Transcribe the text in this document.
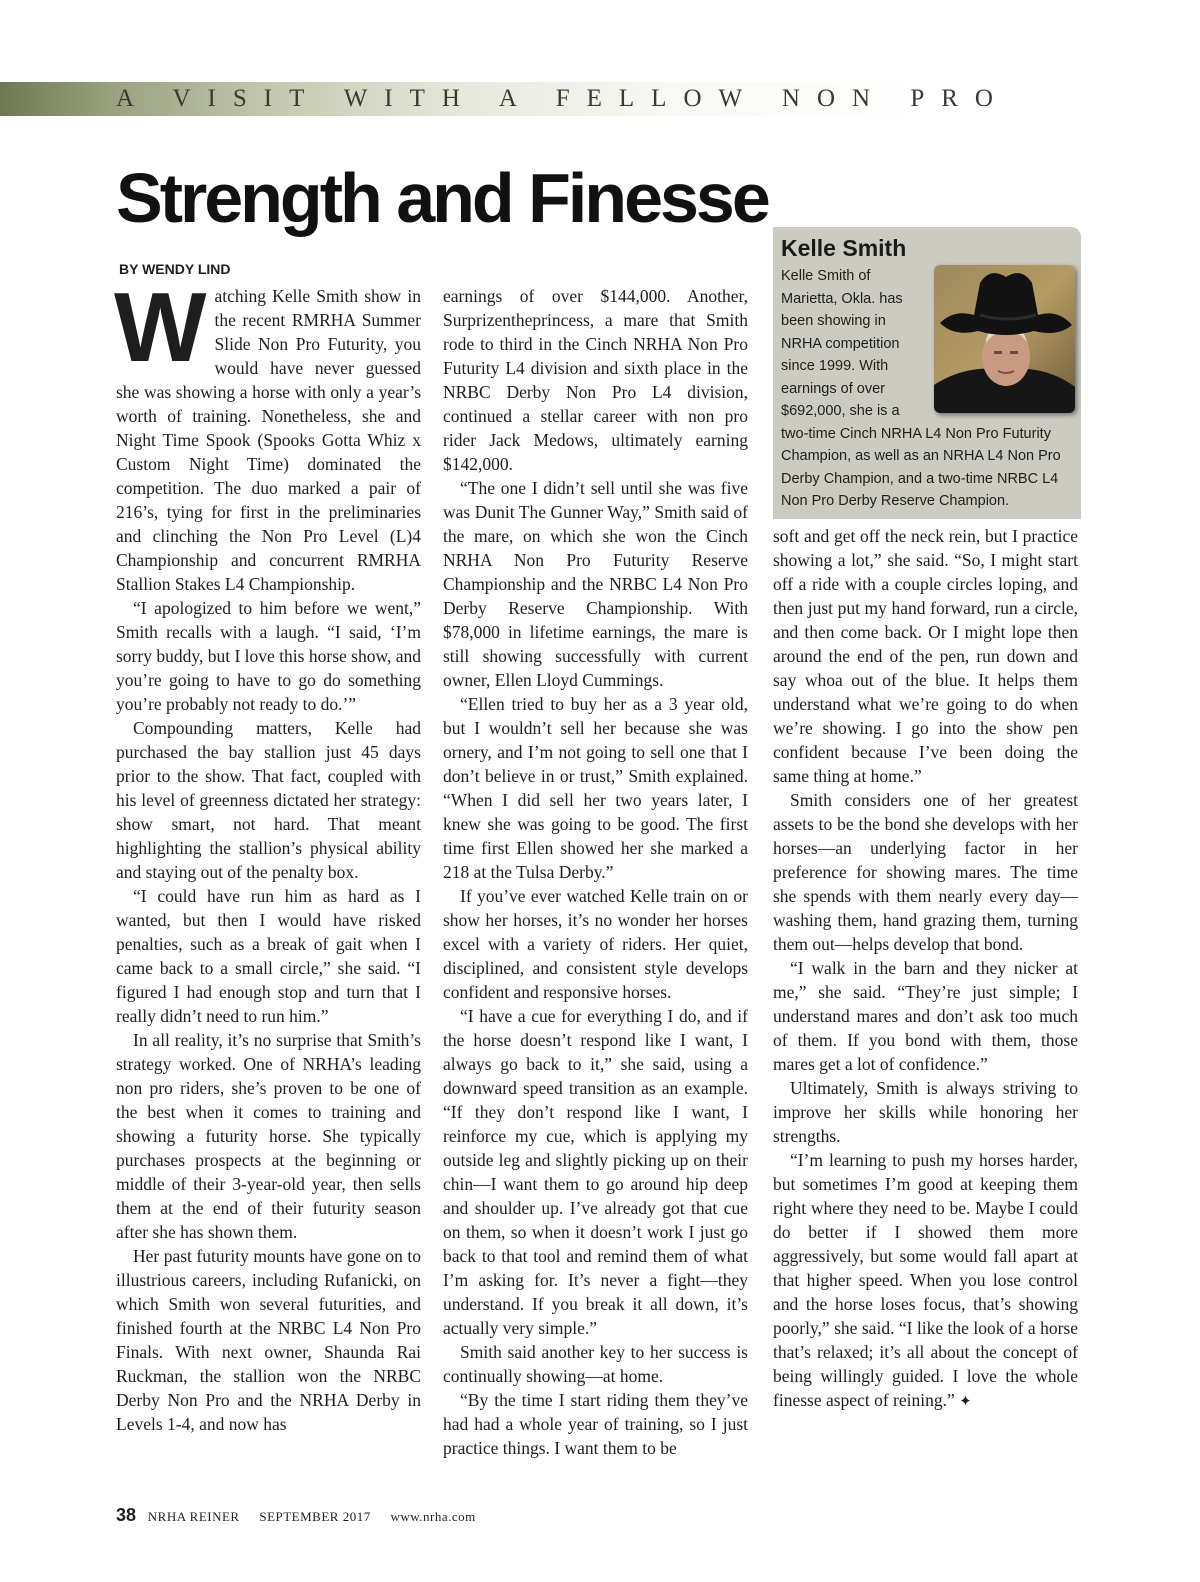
A VISIT WITH A FELLOW NON PRO
Strength and Finesse
BY WENDY LIND

Watching Kelle Smith show in the recent RMRHA Summer Slide Non Pro Futurity, you would have never guessed she was showing a horse with only a year’s worth of training. Nonetheless, she and Night Time Spook (Spooks Gotta Whiz x Custom Night Time) dominated the competition. The duo marked a pair of 216’s, tying for first in the preliminaries and clinching the Non Pro Level (L)4 Championship and concurrent RMRHA Stallion Stakes L4 Championship.

“I apologized to him before we went,” Smith recalls with a laugh. “I said, ‘I’m sorry buddy, but I love this horse show, and you’re going to have to go do something you’re probably not ready to do.’”

Compounding matters, Kelle had purchased the bay stallion just 45 days prior to the show. That fact, coupled with his level of greenness dictated her strategy: show smart, not hard. That meant highlighting the stallion’s physical ability and staying out of the penalty box.

“I could have run him as hard as I wanted, but then I would have risked penalties, such as a break of gait when I came back to a small circle,” she said. “I figured I had enough stop and turn that I really didn’t need to run him.”

In all reality, it’s no surprise that Smith’s strategy worked. One of NRHA’s leading non pro riders, she’s proven to be one of the best when it comes to training and showing a futurity horse. She typically purchases prospects at the beginning or middle of their 3-year-old year, then sells them at the end of their futurity season after she has shown them.

Her past futurity mounts have gone on to illustrious careers, including Rufanicki, on which Smith won several futurities, and finished fourth at the NRBC L4 Non Pro Finals. With next owner, Shaunda Rai Ruckman, the stallion won the NRBC Derby Non Pro and the NRHA Derby in Levels 1-4, and now has

earnings of over $144,000. Another, Surprizentheprincess, a mare that Smith rode to third in the Cinch NRHA Non Pro Futurity L4 division and sixth place in the NRBC Derby Non Pro L4 division, continued a stellar career with non pro rider Jack Medows, ultimately earning $142,000.

“The one I didn’t sell until she was five was Dunit The Gunner Way,” Smith said of the mare, on which she won the Cinch NRHA Non Pro Futurity Reserve Championship and the NRBC L4 Non Pro Derby Reserve Championship. With $78,000 in lifetime earnings, the mare is still showing successfully with current owner, Ellen Lloyd Cummings.

“Ellen tried to buy her as a 3 year old, but I wouldn’t sell her because she was ornery, and I’m not going to sell one that I don’t believe in or trust,” Smith explained. “When I did sell her two years later, I knew she was going to be good. The first time first Ellen showed her she marked a 218 at the Tulsa Derby.”

If you’ve ever watched Kelle train on or show her horses, it’s no wonder her horses excel with a variety of riders. Her quiet, disciplined, and consistent style develops confident and responsive horses.

“I have a cue for everything I do, and if the horse doesn’t respond like I want, I always go back to it,” she said, using a downward speed transition as an example. “If they don’t respond like I want, I reinforce my cue, which is applying my outside leg and slightly picking up on their chin—I want them to go around hip deep and shoulder up. I’ve already got that cue on them, so when it doesn’t work I just go back to that tool and remind them of what I’m asking for. It’s never a fight—they understand. If you break it all down, it’s actually very simple.”

Smith said another key to her success is continually showing—at home.

“By the time I start riding them they’ve had had a whole year of training, so I just practice things. I want them to be

Kelle Smith
Kelle Smith of Marietta, Okla. has been showing in NRHA competition since 1999. With earnings of over $692,000, she is a two-time Cinch NRHA L4 Non Pro Futurity Champion, as well as an NRHA L4 Non Pro Derby Champion, and a two-time NRBC L4 Non Pro Derby Reserve Champion.

soft and get off the neck rein, but I practice showing a lot,” she said. “So, I might start off a ride with a couple circles loping, and then just put my hand forward, run a circle, and then come back. Or I might lope then around the end of the pen, run down and say whoa out of the blue. It helps them understand what we’re going to do when we’re showing. I go into the show pen confident because I’ve been doing the same thing at home.”

Smith considers one of her greatest assets to be the bond she develops with her horses—an underlying factor in her preference for showing mares. The time she spends with them nearly every day—washing them, hand grazing them, turning them out—helps develop that bond.

“I walk in the barn and they nicker at me,” she said. “They’re just simple; I understand mares and don’t ask too much of them. If you bond with them, those mares get a lot of confidence.”

Ultimately, Smith is always striving to improve her skills while honoring her strengths.

“I’m learning to push my horses harder, but sometimes I’m good at keeping them right where they need to be. Maybe I could do better if I showed them more aggressively, but some would fall apart at that higher speed. When you lose control and the horse loses focus, that’s showing poorly,” she said. “I like the look of a horse that’s relaxed; it’s all about the concept of being willingly guided. I love the whole finesse aspect of reining.” ✦

38 NRHA REINER SEPTEMBER 2017 www.nrha.com
